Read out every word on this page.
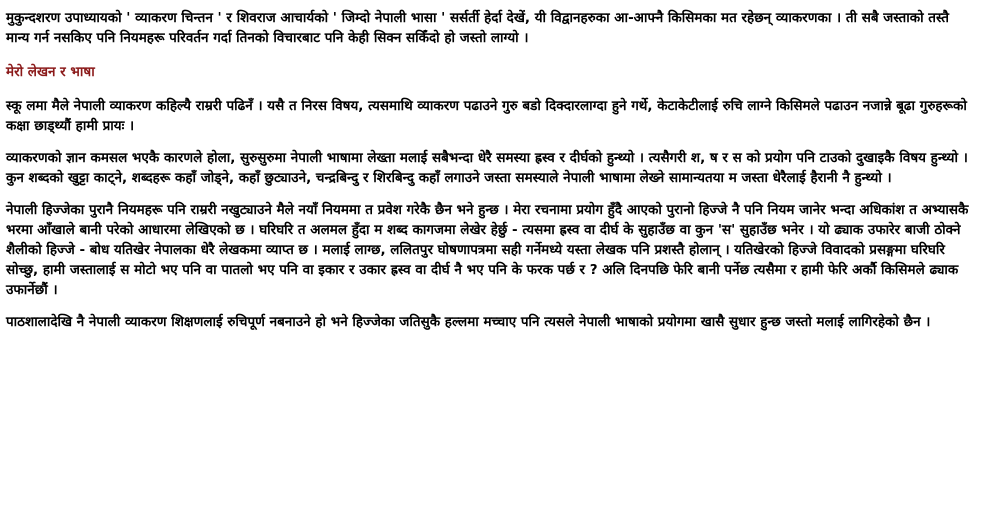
मुकुन्दशरण उपाध्यायको ' व्याकरण चिन्तन ' र शिवराज आचार्यको ' जिम्दो नेपाली भासा ' सर्सर्ती हेर्दा देखें, यी विद्वानहरुका आ-आफ्नै किसिमका मत रहेछन् व्याकरणका । ती सबै जस्ताको तस्तै मान्य गर्न नसकिए पनि नियमहरू परिवर्तन गर्दा तिनको विचारबाट पनि केही सिक्न सकिँदो हो जस्तो लाग्यो ।

मेरो लेखन र भाषा

स्कू लमा मैले नेपाली व्याकरण कहिल्यै राम्ररी पढिनँ । यसै त निरस विषय, त्यसमाथि व्याकरण पढाउने गुरु बडो दिक्दारलाग्दा हुने गर्थे, केटाकेटीलाई रुचि लाग्ने किसिमले पढाउन नजान्ने बूढा गुरुहरूको कक्षा छाड्थ्यौं हामी प्रायः ।

व्याकरणको ज्ञान कमसल भएकै कारणले होला, सुरुसुरुमा नेपाली भाषामा लेख्ता मलाई सबैभन्दा धेरै समस्या ह्रस्व र दीर्घको हुन्थ्यो । त्यसैगरी श, ष र स को प्रयोग पनि टाउको दुखाइकै विषय हुन्थ्यो । कुन शब्दको खुट्टा काट्ने, शब्दहरू कहाँ जोड्ने, कहाँ छुट्याउने, चन्द्रबिन्दु र शिरबिन्दु कहाँ लगाउने जस्ता समस्याले नेपाली भाषामा लेख्ने सामान्यतया म जस्ता धेरैलाई हैरानी नै हुन्थ्यो ।

नेपाली हिज्जेका पुरानै नियमहरू पनि राम्ररी नखुट्याउने मैले नयाँ नियममा त प्रवेश गरेकै छैन भने हुन्छ । मेरा रचनामा प्रयोग हुँदै आएको पुरानो हिज्जे नै पनि नियम जानेर भन्दा अधिकांश त अभ्यासकै भरमा आँखाले बानी परेको आधारमा लेखिएको छ । घरिघरि त अलमल हुँदा म शब्द कागजमा लेखेर हेर्छु - त्यसमा ह्रस्व वा दीर्घ के सुहाउँछ वा कुन 'स' सुहाउँछ भनेर । यो ढ्याक उफारेर बाजी ठोक्ने शैलीको हिज्जे - बोध यतिखेर नेपालका धेरै लेखकमा व्याप्त छ । मलाई लाग्छ, ललितपुर घोषणापत्रमा सही गर्नेमध्ये यस्ता लेखक पनि प्रशस्तै होलान् । यतिखेरको हिज्जे विवादको प्रसङ्गमा घरिघरि सोच्छु, हामी जस्तालाई स मोटो भए पनि वा पातलो भए पनि वा इकार र उकार ह्रस्व वा दीर्घ नै भए पनि के फरक पर्छ र ? अलि दिनपछि फेरि बानी पर्नेछ त्यसैमा र हामी फेरि अर्कौ किसिमले ढ्याक उफार्नेछौं ।

पाठशालादेखि नै नेपाली व्याकरण शिक्षणलाई रुचिपूर्ण नबनाउने हो भने हिज्जेका जतिसुकै हल्लमा मच्चाए पनि त्यसले नेपाली भाषाको प्रयोगमा खासै सुधार हुन्छ जस्तो मलाई लागिरहेको छैन ।
